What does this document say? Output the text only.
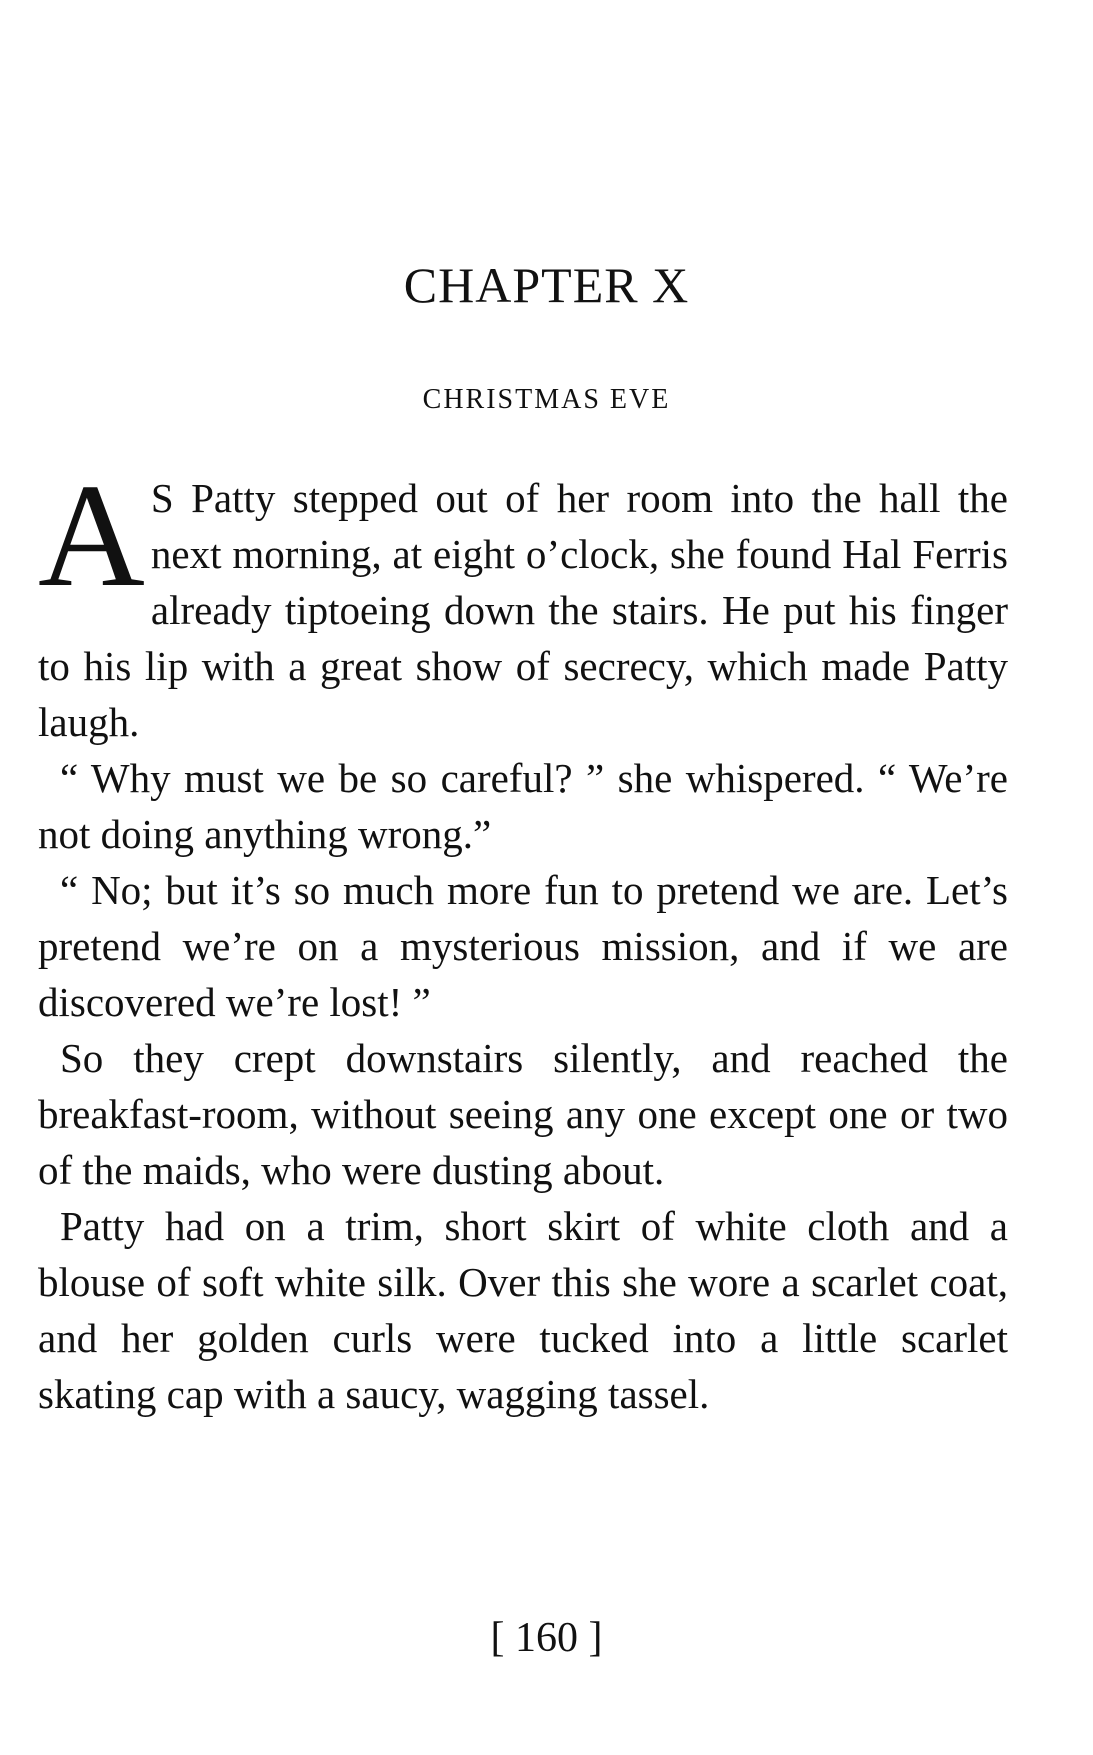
CHAPTER X
CHRISTMAS EVE

A S Patty stepped out of her room into the hall the next morning, at eight o’clock, she found Hal Ferris already tiptoeing down the stairs. He put his finger to his lip with a great show of secrecy, which made Patty laugh.

“ Why must we be so careful? ” she whispered. “ We’re not doing anything wrong.”

“ No; but it’s so much more fun to pretend we are. Let’s pretend we’re on a mysterious mission, and if we are discovered we’re lost! ”

So they crept downstairs silently, and reached the breakfast-room, without seeing any one except one or two of the maids, who were dusting about.

Patty had on a trim, short skirt of white cloth and a blouse of soft white silk. Over this she wore a scarlet coat, and her golden curls were tucked into a little scarlet skating cap with a saucy, wagging tassel.

[ 160 ]
